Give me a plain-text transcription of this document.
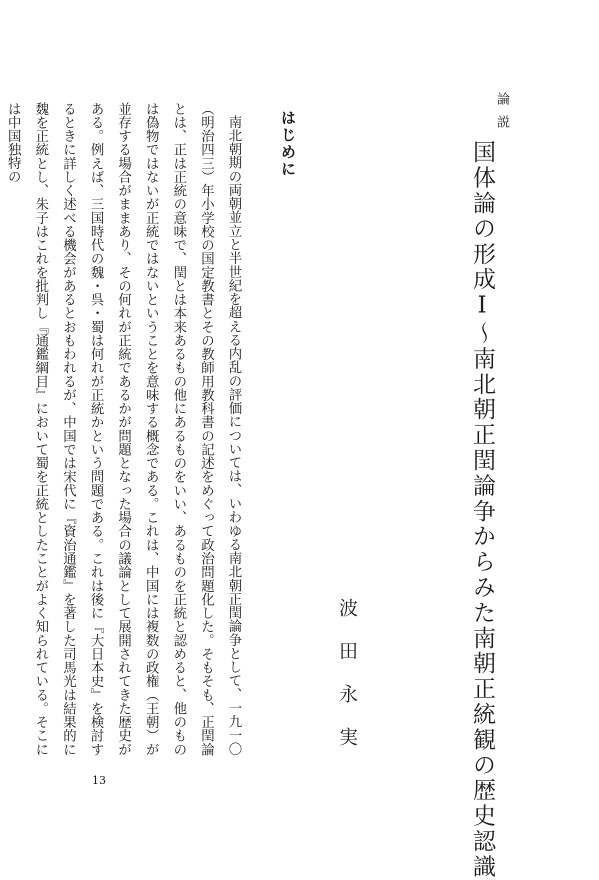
論説
国体論の形成Ⅰ～南北朝正閏論争からみた南朝正統観の歴史認識
波田永実
はじめに

南北朝期の両朝並立と半世紀を超える内乱の評価については、いわゆる南北朝正閏論争として、一九一〇（明治四三）年小学校の国定教書とその教師用教科書の記述をめぐって政治問題化した。そもそも、正閏論とは、正は正統の意味で、閏とは本来あるもの他にあるものをいい、あるものを正統と認めると、他のものは偽物ではないが正統ではないということを意味する概念である。これは、中国には複数の政権（王朝）が並存する場合がままあり、その何れが正統であるかが問題となった場合の議論として展開されてきた歴史がある。例えば、三国時代の魏・呉・蜀は何れが正統かという問題である。これは後に『大日本史』を検討するときに詳しく述べる機会があるとおもわれるが、中国では宋代に『資治通鑑』を著した司馬光は結果的に魏を正統とし、朱子はこれを批判し『通鑑綱目』において蜀を正統としたことがよく知られている。そこには中国独特の

13
